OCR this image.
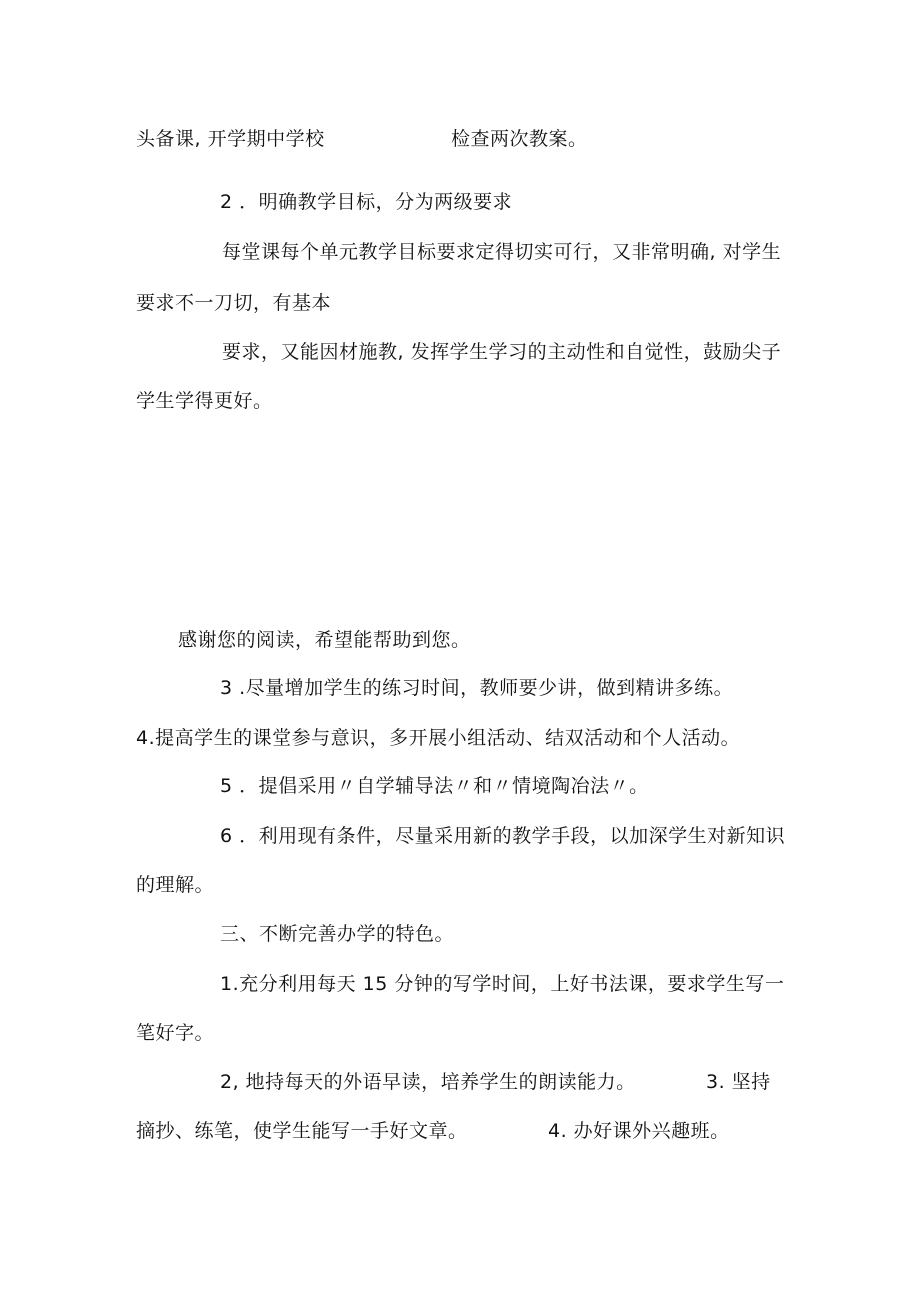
头备课, 开学期中学校	检查两次教案。
2 ．明确教学目标，分为两级要求
每堂课每个单元教学目标要求定得切实可行，又非常明确, 对学生
要求不一刀切，有基本
要求，又能因材施教, 发挥学生学习的主动性和自觉性，鼓励尖子
学生学得更好。
感谢您的阅读，希望能帮助到您。
3 .尽量增加学生的练习时间，教师要少讲，做到精讲多练。
4.提高学生的课堂参与意识，多开展小组活动、结双活动和个人活动。
5 ．提倡采用〃自学辅导法〃和〃情境陶冶法〃。
6 ．利用现有条件，尽量采用新的教学手段，以加深学生对新知识
的理解。
三、不断完善办学的特色。
1.充分利用每天 15 分钟的写学时间，上好书法课，要求学生写一
笔好字。
2, 地持每天的外语早读，培养学生的朗读能力。	3. 坚持
摘抄、练笔，使学生能写一手好文章。	4. 办好课外兴趣班。
